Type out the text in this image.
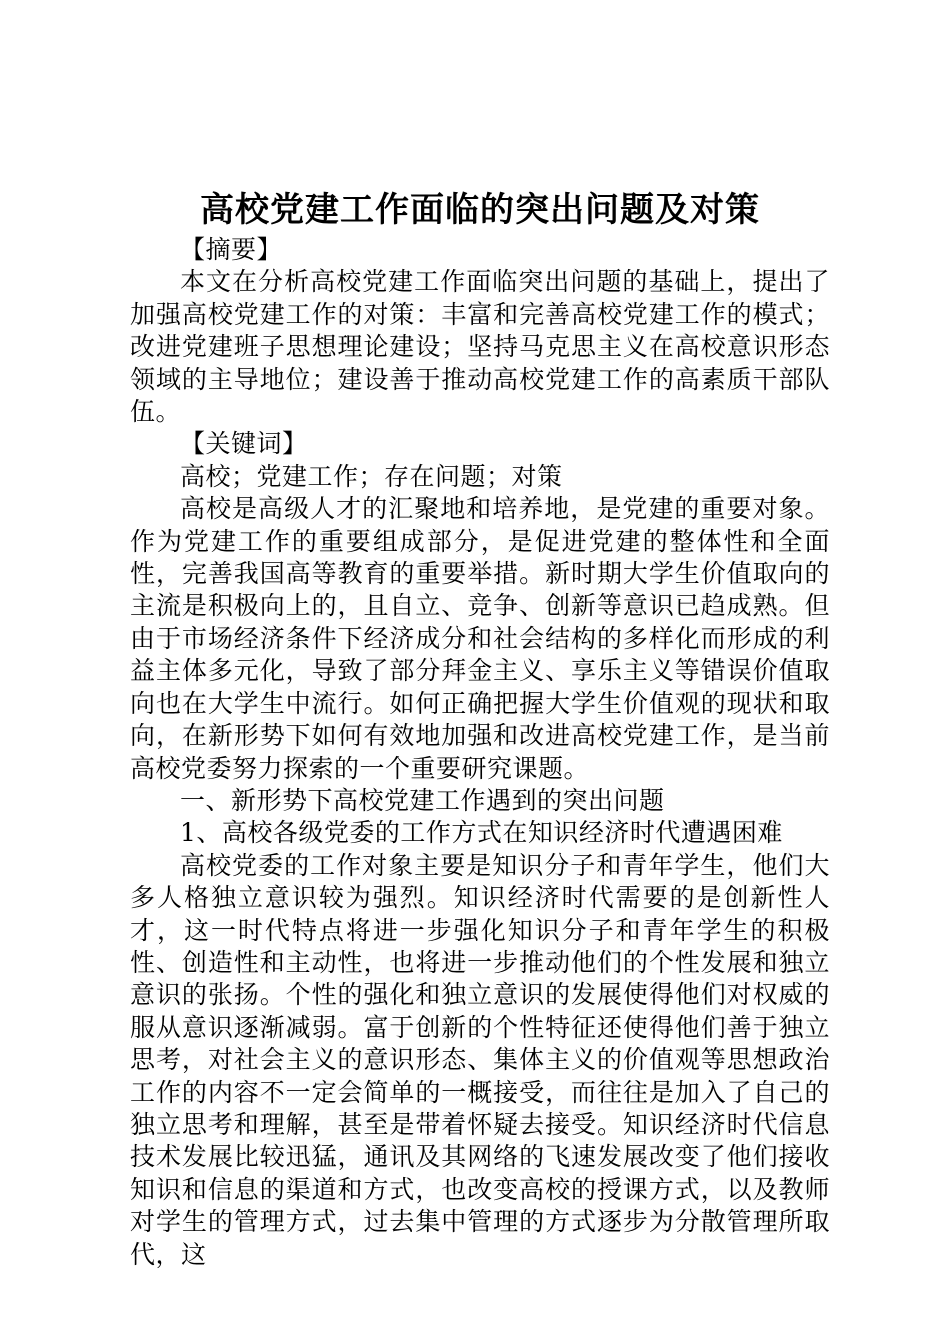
高校党建工作面临的突出问题及对策

【摘要】

本文在分析高校党建工作面临突出问题的基础上，提出了加强高校党建工作的对策：丰富和完善高校党建工作的模式；改进党建班子思想理论建设；坚持马克思主义在高校意识形态领域的主导地位；建设善于推动高校党建工作的高素质干部队伍。

【关键词】

高校；党建工作；存在问题；对策

高校是高级人才的汇聚地和培养地，是党建的重要对象。作为党建工作的重要组成部分，是促进党建的整体性和全面性，完善我国高等教育的重要举措。新时期大学生价值取向的主流是积极向上的，且自立、竞争、创新等意识已趋成熟。但由于市场经济条件下经济成分和社会结构的多样化而形成的利益主体多元化，导致了部分拜金主义、享乐主义等错误价值取向也在大学生中流行。如何正确把握大学生价值观的现状和取向，在新形势下如何有效地加强和改进高校党建工作，是当前高校党委努力探索的一个重要研究课题。

一、新形势下高校党建工作遇到的突出问题

1、高校各级党委的工作方式在知识经济时代遭遇困难

高校党委的工作对象主要是知识分子和青年学生，他们大多人格独立意识较为强烈。知识经济时代需要的是创新性人才，这一时代特点将进一步强化知识分子和青年学生的积极性、创造性和主动性，也将进一步推动他们的个性发展和独立意识的张扬。个性的强化和独立意识的发展使得他们对权威的服从意识逐渐减弱。富于创新的个性特征还使得他们善于独立思考，对社会主义的意识形态、集体主义的价值观等思想政治工作的内容不一定会简单的一概接受，而往往是加入了自己的独立思考和理解，甚至是带着怀疑去接受。知识经济时代信息技术发展比较迅猛，通讯及其网络的飞速发展改变了他们接收知识和信息的渠道和方式，也改变高校的授课方式，以及教师对学生的管理方式，过去集中管理的方式逐步为分散管理所取代，这
